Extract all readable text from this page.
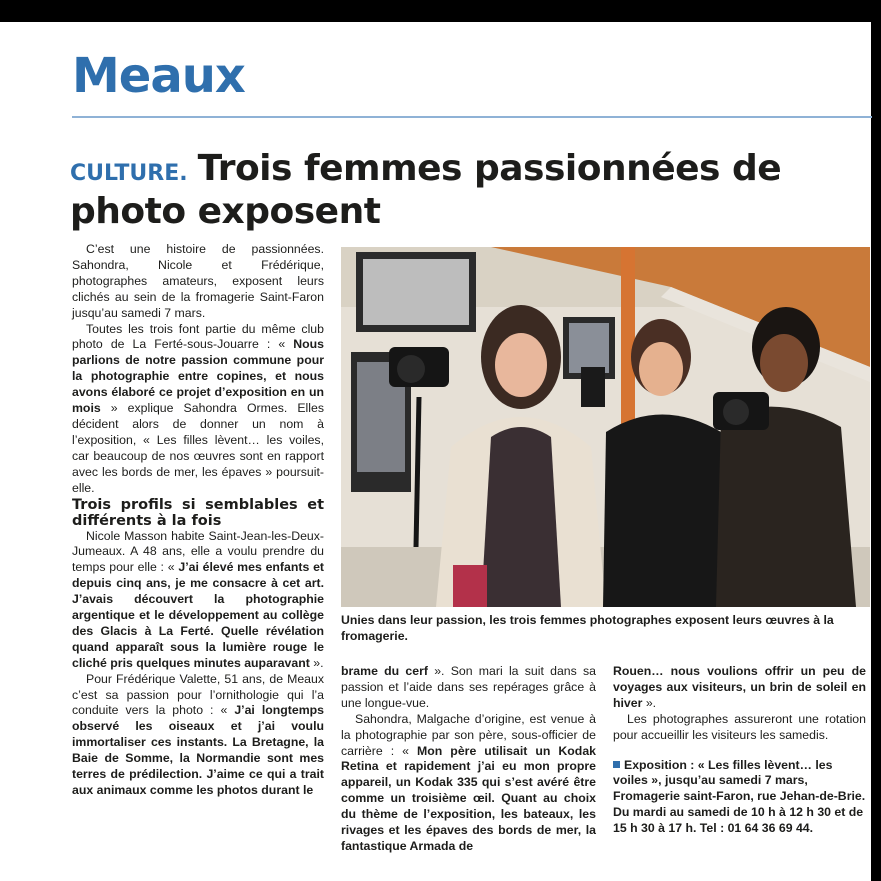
Meaux
CULTURE. Trois femmes passionnées de photo exposent

C’est une histoire de passionnées. Sahondra, Nicole et Frédérique, photographes amateurs, exposent leurs clichés au sein de la fromagerie Saint-Faron jusqu’au samedi 7 mars.

Toutes les trois font partie du même club photo de La Ferté-sous-Jouarre : « Nous parlions de notre passion commune pour la photographie entre copines, et nous avons élaboré ce projet d’exposition en un mois » explique Sahondra Ormes. Elles décident alors de donner un nom à l’exposition, « Les filles lèvent… les voiles, car beaucoup de nos œuvres sont en rapport avec les bords de mer, les épaves » poursuit-elle.

Trois profils si semblables et différents à la fois

Nicole Masson habite Saint-Jean-les-Deux-Jumeaux. A 48 ans, elle a voulu prendre du temps pour elle : « J’ai élevé mes enfants et depuis cinq ans, je me consacre à cet art. J’avais découvert la photographie argentique et le développement au collège des Glacis à La Ferté. Quelle révélation quand apparaît sous la lumière rouge le cliché pris quelques minutes auparavant ».

Pour Frédérique Valette, 51 ans, de Meaux c’est sa passion pour l’ornithologie qui l’a conduite vers la photo : « J’ai longtemps observé les oiseaux et j’ai voulu immortaliser ces instants. La Bretagne, la Baie de Somme, la Normandie sont mes terres de prédilection. J’aime ce qui a trait aux animaux comme les photos durant le

Unies dans leur passion, les trois femmes photographes exposent leurs œuvres à la fromagerie.

brame du cerf ». Son mari la suit dans sa passion et l’aide dans ses repérages grâce à une longue-vue.

Sahondra, Malgache d’origine, est venue à la photographie par son père, sous-officier de carrière : « Mon père utilisait un Kodak Retina et rapidement j’ai eu mon propre appareil, un Kodak 335 qui s’est avéré être comme un troisième œil. Quant au choix du thème de l’exposition, les bateaux, les rivages et les épaves des bords de mer, la fantastique Armada de

Rouen… nous voulions offrir un peu de voyages aux visiteurs, un brin de soleil en hiver ».

Les photographes assureront une rotation pour accueillir les visiteurs les samedis.

Exposition : « Les filles lèvent… les voiles », jusqu’au samedi 7 mars, Fromagerie saint-Faron, rue Jehan-de-Brie. Du mardi au samedi de 10 h à 12 h 30 et de 15 h 30 à 17 h. Tel : 01 64 36 69 44.
